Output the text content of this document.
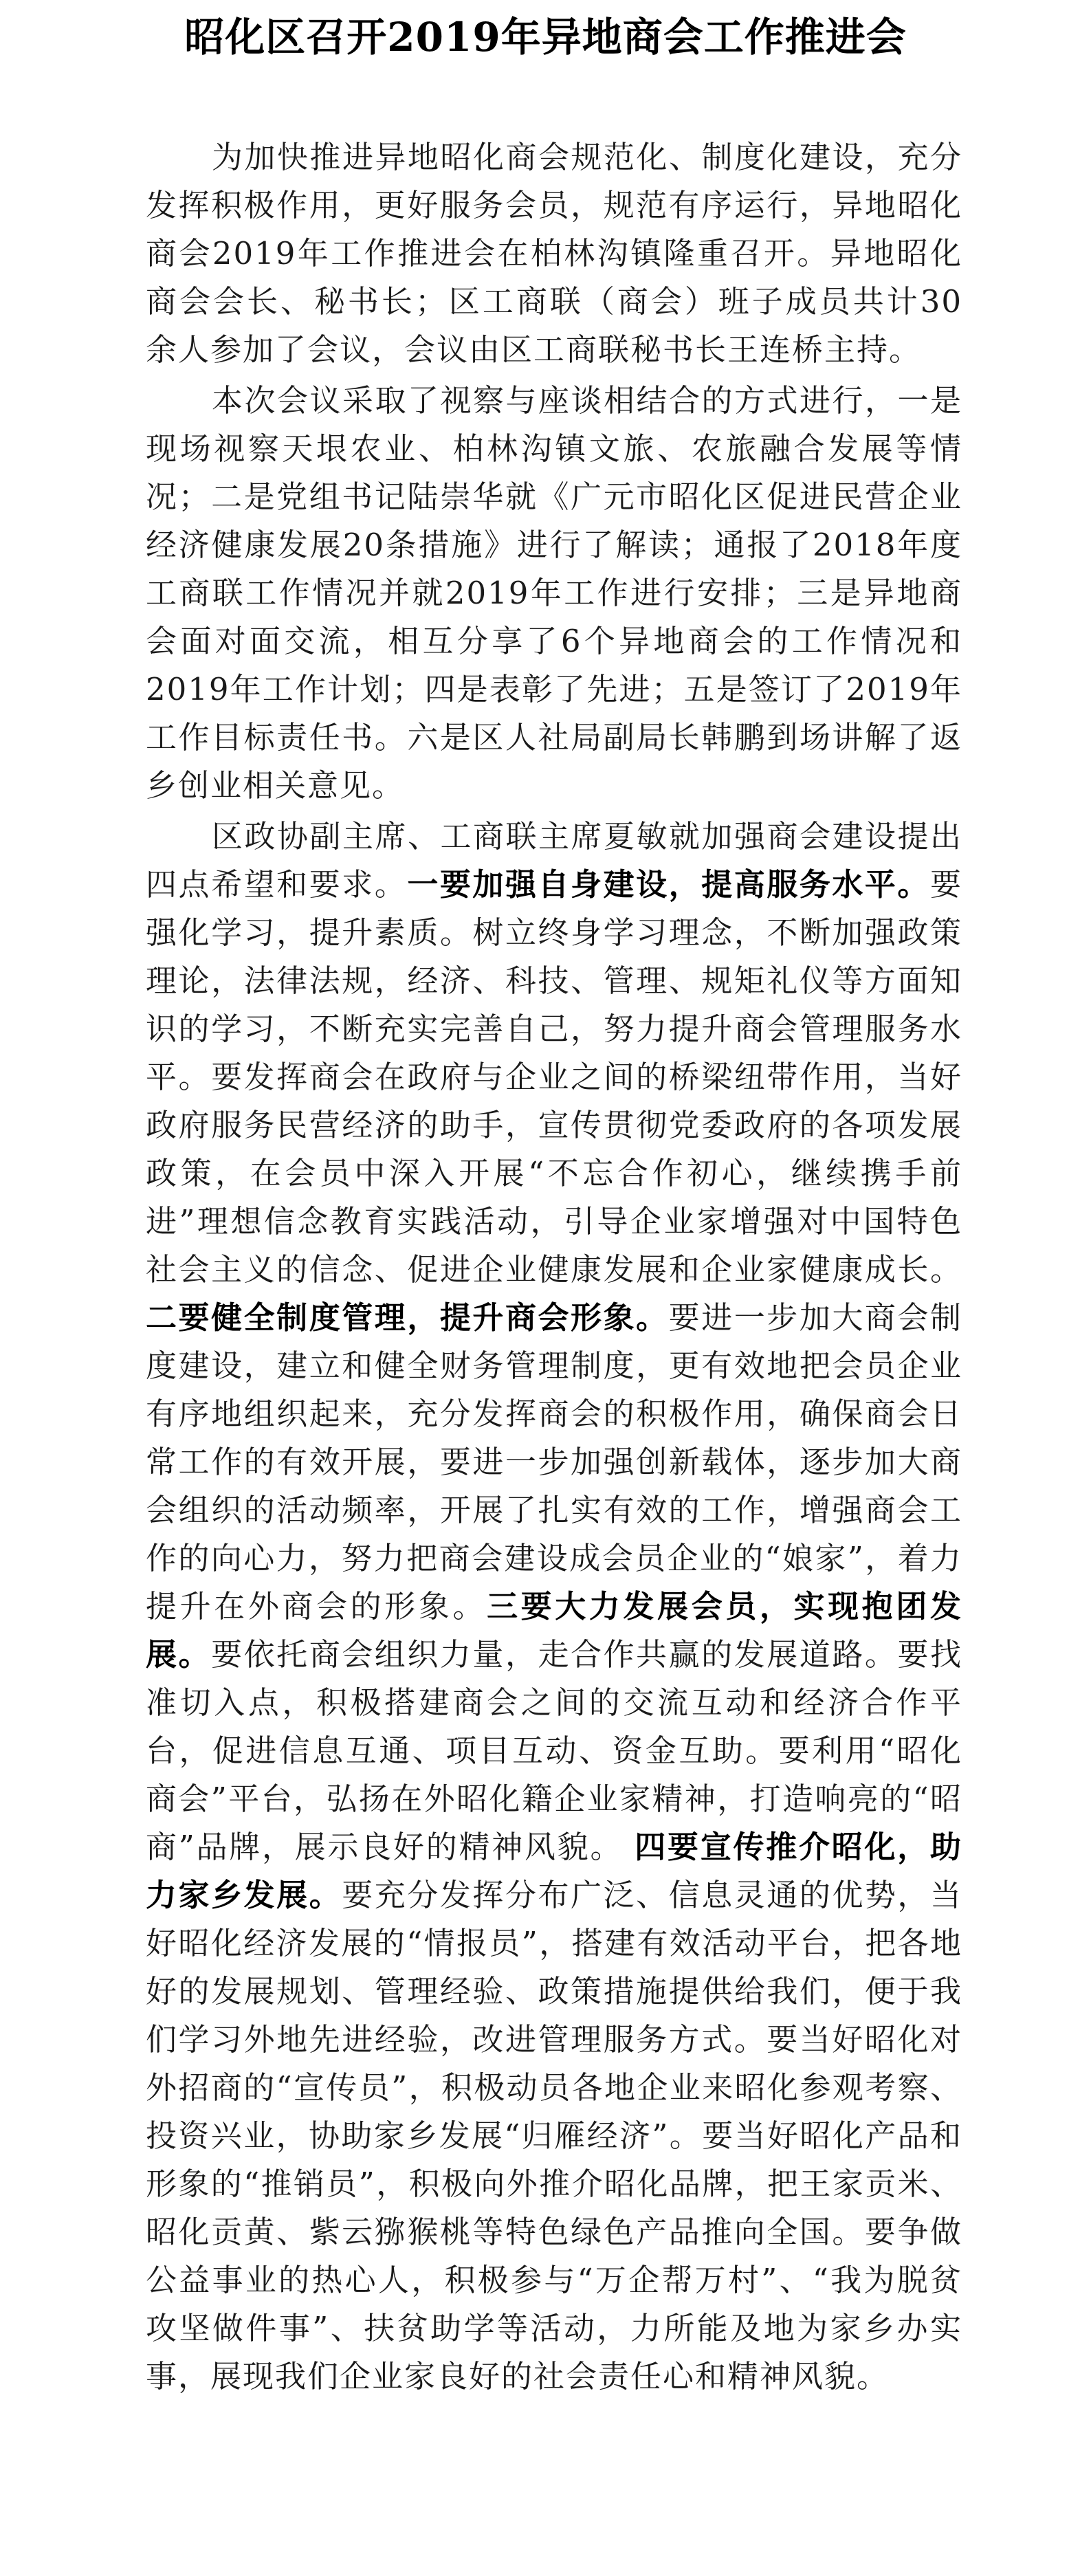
昭化区召开2019年异地商会工作推进会

为加快推进异地昭化商会规范化、制度化建设，充分发挥积极作用，更好服务会员，规范有序运行，异地昭化商会2019年工作推进会在柏林沟镇隆重召开。异地昭化商会会长、秘书长；区工商联（商会）班子成员共计30余人参加了会议，会议由区工商联秘书长王连桥主持。

本次会议采取了视察与座谈相结合的方式进行，一是现场视察天垠农业、柏林沟镇文旅、农旅融合发展等情况；二是党组书记陆崇华就《广元市昭化区促进民营企业经济健康发展20条措施》进行了解读；通报了2018年度工商联工作情况并就2019年工作进行安排；三是异地商会面对面交流，相互分享了6个异地商会的工作情况和2019年工作计划；四是表彰了先进；五是签订了2019年工作目标责任书。六是区人社局副局长韩鹏到场讲解了返乡创业相关意见。

区政协副主席、工商联主席夏敏就加强商会建设提出四点希望和要求。一要加强自身建设，提高服务水平。要强化学习，提升素质。树立终身学习理念，不断加强政策理论，法律法规，经济、科技、管理、规矩礼仪等方面知识的学习，不断充实完善自己，努力提升商会管理服务水平。要发挥商会在政府与企业之间的桥梁纽带作用，当好政府服务民营经济的助手，宣传贯彻党委政府的各项发展政策，在会员中深入开展“不忘合作初心，继续携手前进”理想信念教育实践活动，引导企业家增强对中国特色社会主义的信念、促进企业健康发展和企业家健康成长。二要健全制度管理，提升商会形象。要进一步加大商会制度建设，建立和健全财务管理制度，更有效地把会员企业有序地组织起来，充分发挥商会的积极作用，确保商会日常工作的有效开展，要进一步加强创新载体，逐步加大商会组织的活动频率，开展了扎实有效的工作，增强商会工作的向心力，努力把商会建设成会员企业的“娘家”，着力提升在外商会的形象。三要大力发展会员，实现抱团发展。要依托商会组织力量，走合作共赢的发展道路。要找准切入点，积极搭建商会之间的交流互动和经济合作平台，促进信息互通、项目互动、资金互助。要利用“昭化商会”平台，弘扬在外昭化籍企业家精神，打造响亮的“昭商”品牌，展示良好的精神风貌。 四要宣传推介昭化，助力家乡发展。要充分发挥分布广泛、信息灵通的优势，当好昭化经济发展的“情报员”，搭建有效活动平台，把各地好的发展规划、管理经验、政策措施提供给我们，便于我们学习外地先进经验，改进管理服务方式。要当好昭化对外招商的“宣传员”，积极动员各地企业来昭化参观考察、投资兴业，协助家乡发展“归雁经济”。要当好昭化产品和形象的“推销员”，积极向外推介昭化品牌，把王家贡米、昭化贡黄、紫云猕猴桃等特色绿色产品推向全国。要争做公益事业的热心人，积极参与“万企帮万村”、“我为脱贫攻坚做件事”、扶贫助学等活动，力所能及地为家乡办实事，展现我们企业家良好的社会责任心和精神风貌。
